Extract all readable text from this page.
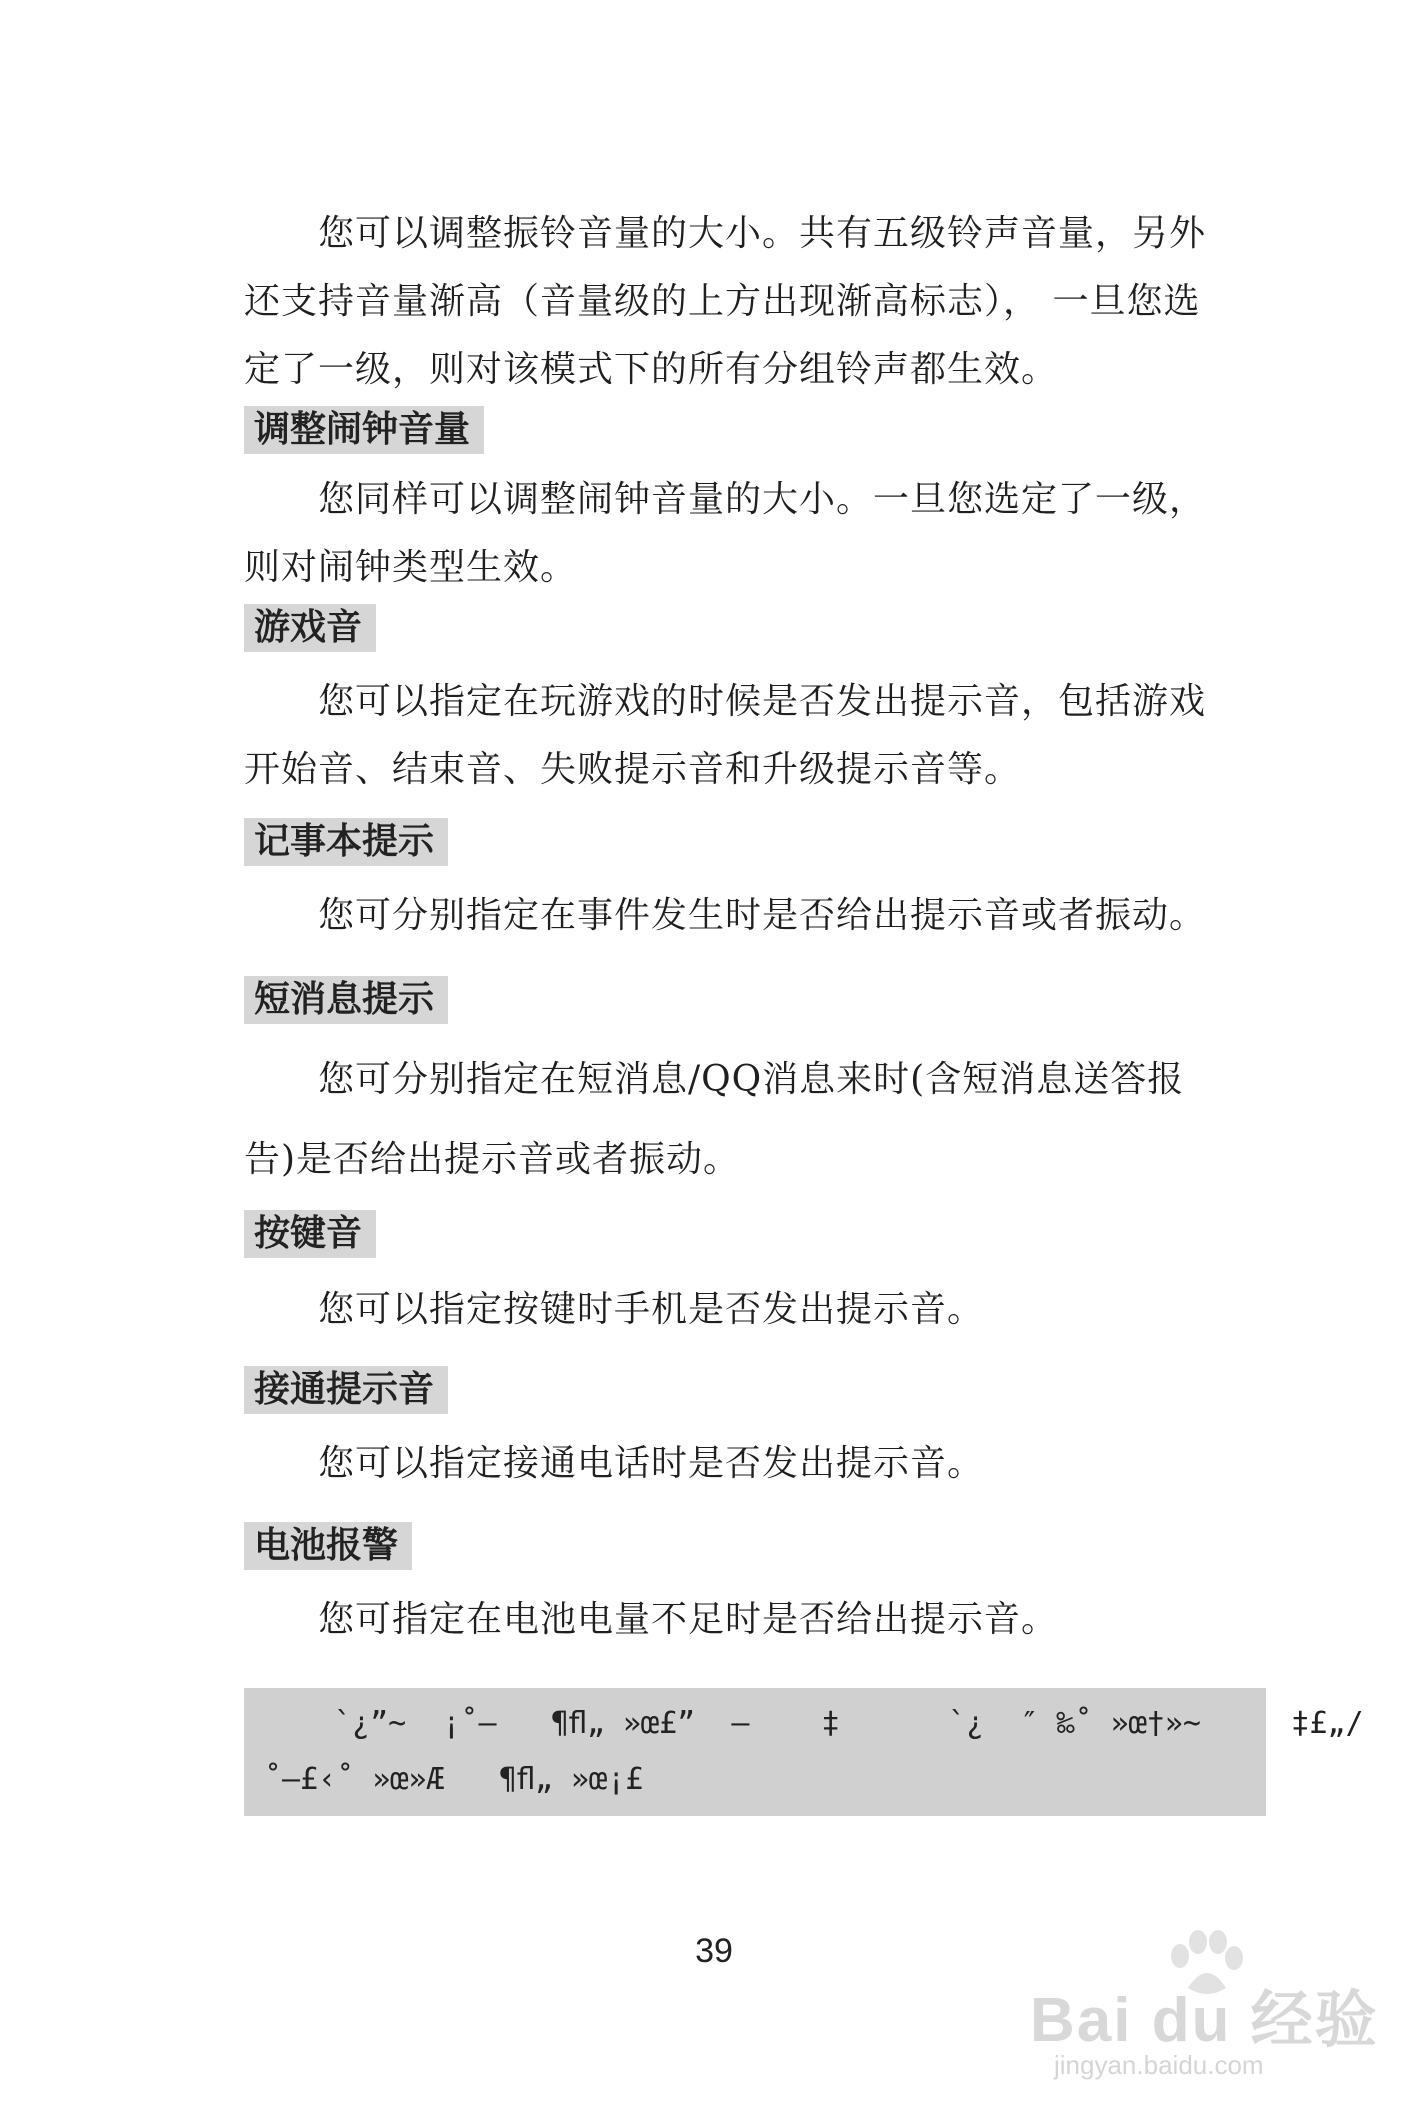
您可以调整振铃音量的大小。共有五级铃声音量，另外还支持音量渐高（音量级的上方出现渐高标志）， 一旦您选定了一级，则对该模式下的所有分组铃声都生效。

调整闹钟音量

您同样可以调整闹钟音量的大小。一旦您选定了一级，则对闹钟类型生效。

游戏音

您可以指定在玩游戏的时候是否发出提示音，包括游戏开始音、结束音、失败提示音和升级提示音等。

记事本提示

您可分别指定在事件发生时是否给出提示音或者振动。

短消息提示

您可分别指定在短消息/QQ消息来时(含短消息送答报告)是否给出提示音或者振动。

按键音

您可以指定按键时手机是否发出提示音。

接通提示音

您可以指定接通电话时是否发出提示音。

电池报警

您可指定在电池电量不足时是否给出提示音。

`¿”~  ¡˚–   ¶ﬂ„ »œ£”  –    ‡      `¿  ″ ‰˚ »œ†»~     ‡£„/
˚–£‹˚ »œ»Æ   ¶ﬂ„ »œ¡£
39
Bai du 经验
jingyan.baidu.com
